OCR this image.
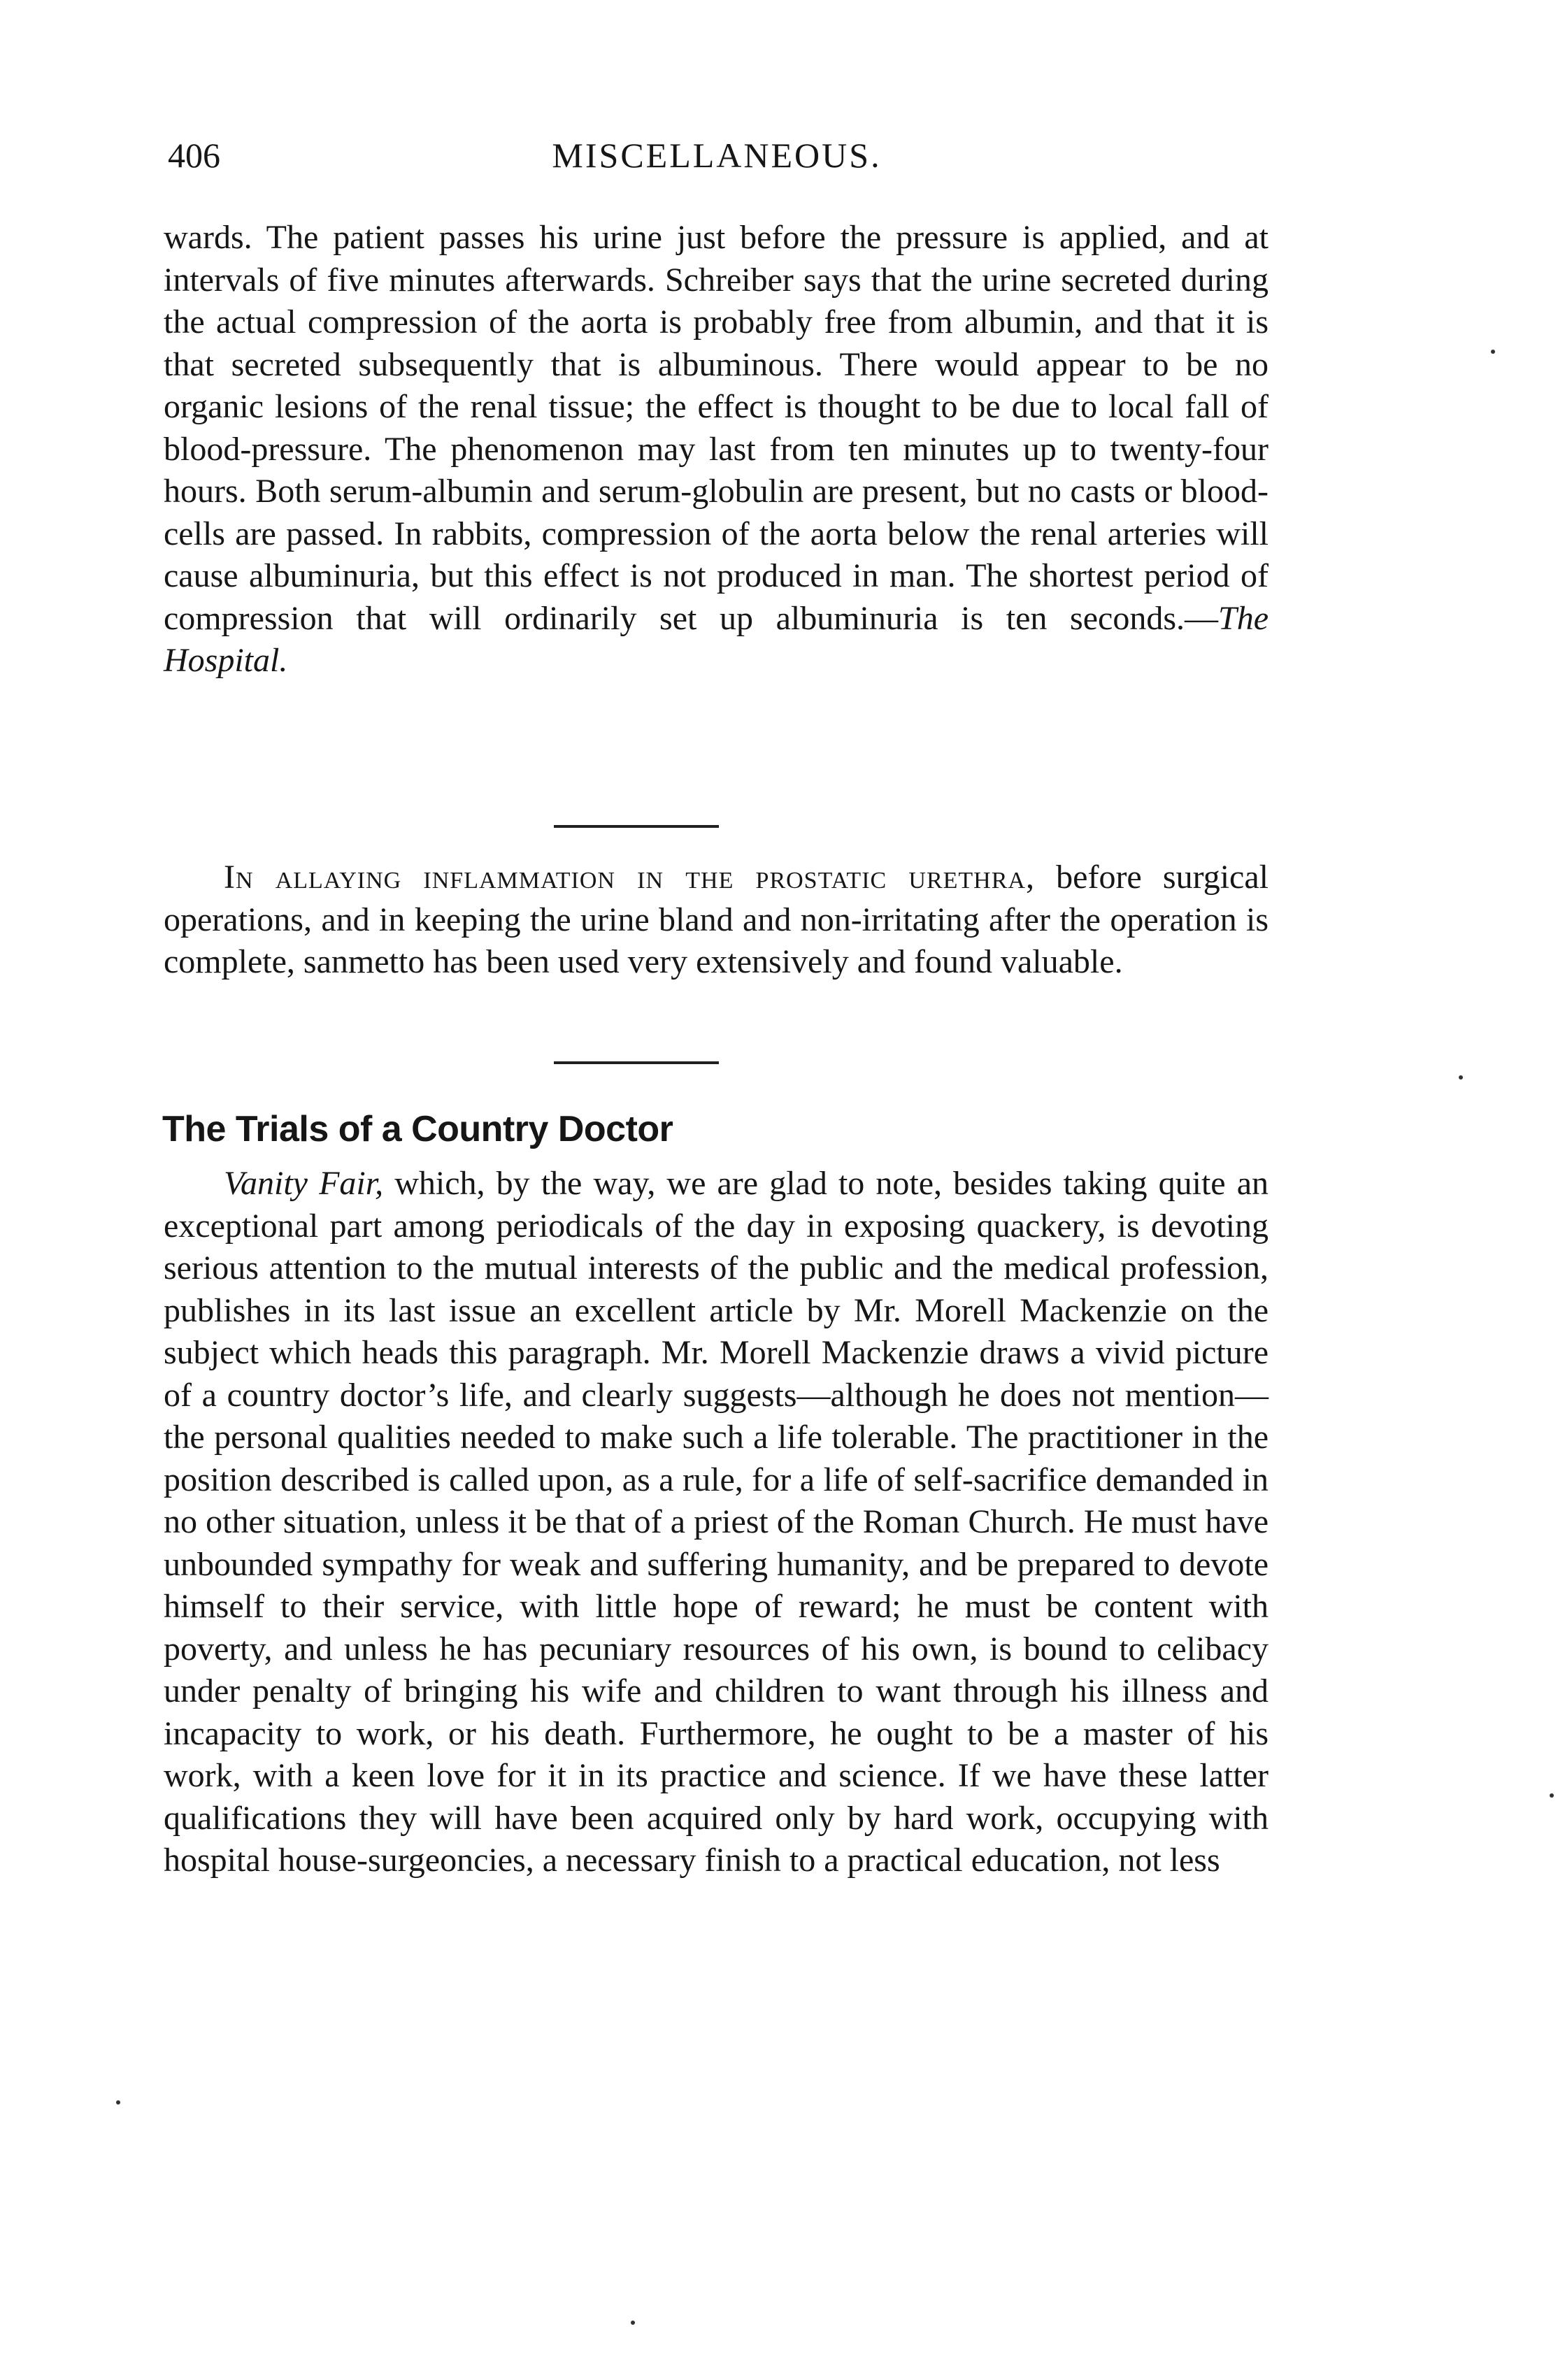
406	MISCELLANEOUS.

wards. The patient passes his urine just before the pressure is applied, and at intervals of five minutes afterwards. Schreiber says that the urine secreted during the actual compression of the aorta is probably free from albumin, and that it is that secreted subsequently that is albuminous. There would appear to be no organic lesions of the renal tissue; the effect is thought to be due to local fall of blood-pressure. The phenomenon may last from ten minutes up to twenty-four hours. Both serum-albumin and serum-globulin are present, but no casts or blood-cells are passed. In rabbits, compression of the aorta below the renal arteries will cause albuminuria, but this effect is not produced in man. The shortest period of compression that will ordinarily set up albuminuria is ten seconds.—The Hospital.

In allaying inflammation in the prostatic urethra, before surgical operations, and in keeping the urine bland and non-irritating after the operation is complete, sanmetto has been used very extensively and found valuable.

The Trials of a Country Doctor

Vanity Fair, which, by the way, we are glad to note, besides taking quite an exceptional part among periodicals of the day in exposing quackery, is devoting serious attention to the mutual interests of the public and the medical profession, publishes in its last issue an excellent article by Mr. Morell Mackenzie on the subject which heads this paragraph. Mr. Morell Mackenzie draws a vivid picture of a country doctor’s life, and clearly suggests—although he does not mention—the personal qualities needed to make such a life tolerable. The practitioner in the position described is called upon, as a rule, for a life of self-sacrifice demanded in no other situation, unless it be that of a priest of the Roman Church. He must have unbounded sympathy for weak and suffering humanity, and be prepared to devote himself to their service, with little hope of reward; he must be content with poverty, and unless he has pecuniary resources of his own, is bound to celibacy under penalty of bringing his wife and children to want through his illness and incapacity to work, or his death. Furthermore, he ought to be a master of his work, with a keen love for it in its practice and science. If we have these latter qualifications they will have been acquired only by hard work, occupying with hospital house-surgeoncies, a necessary finish to a practical education, not less
